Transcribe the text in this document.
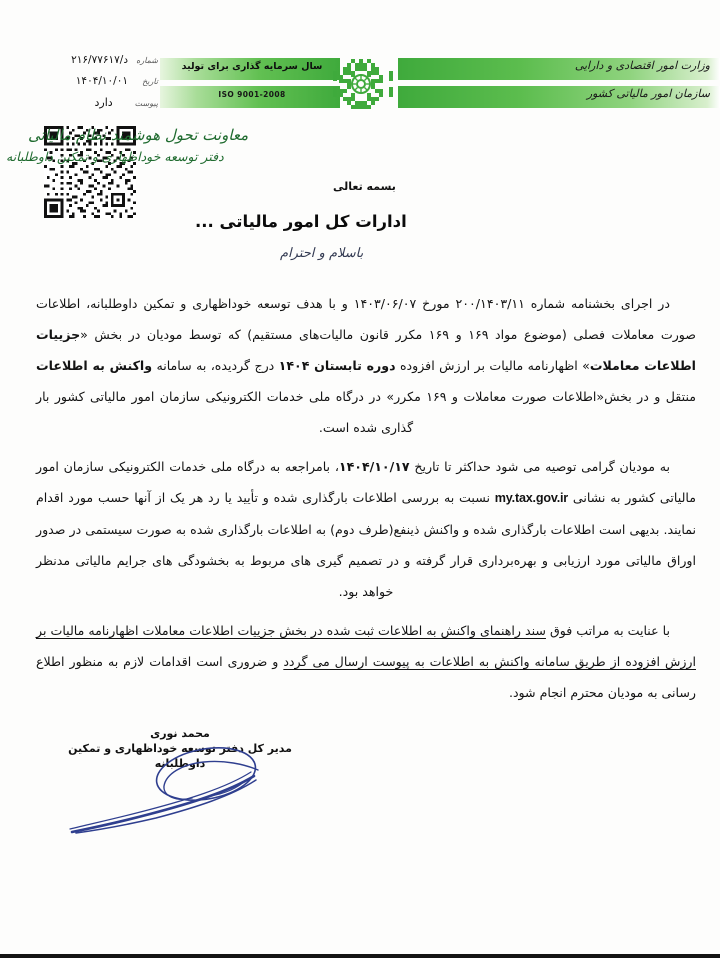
شماره
د/۲۱۶/۷۷۶۱۷
تاریخ
۱۴۰۴/۱۰/۰۱
پیوست
دارد
سال سرمایه گذاری برای تولید
ISO 9001-2008
وزارت امور اقتصادی و دارایی
سازمان امور مالیاتی کشور
معاونت تحول هوشمند نظام مالیاتی
دفتر توسعه خوداظهاری و تمکین داوطلبانه
بسمه تعالی
ادارات کل امور مالیاتی ...
باسلام و احترام

در اجرای بخشنامه شماره ۲۰۰/۱۴۰۳/۱۱ مورخ ۱۴۰۳/۰۶/۰۷ و با هدف توسعه خوداظهاری و تمکین داوطلبانه، اطلاعات صورت معاملات فصلی (موضوع مواد ۱۶۹ و ۱۶۹ مکرر قانون مالیات‌های مستقیم) که توسط مودیان در بخش «جزییات اطلاعات معاملات» اظهارنامه مالیات بر ارزش افزوده دوره تابستان ۱۴۰۴ درج گردیده، به سامانه واکنش به اطلاعات منتقل و در بخش«اطلاعات صورت معاملات و ۱۶۹ مکرر» در درگاه ملی خدمات الکترونیکی سازمان امور مالیاتی کشور بار گذاری شده است.

به مودیان گرامی توصیه می شود حداکثر تا تاریخ ۱۴۰۴/۱۰/۱۷، بامراجعه به درگاه ملی خدمات الکترونیکی سازمان امور مالیاتی کشور به نشانی my.tax.gov.ir نسبت به بررسی اطلاعات بارگذاری شده و تأیید یا رد هر یک از آنها حسب مورد اقدام نمایند. بدیهی است اطلاعات بارگذاری شده و واکنش ذینفع(طرف دوم) به اطلاعات بارگذاری شده به صورت سیستمی در صدور اوراق مالیاتی مورد ارزیابی و بهره‌برداری قرار گرفته و در تصمیم گیری های مربوط به بخشودگی های جرایم مالیاتی مدنظر خواهد بود.

با عنایت به مراتب فوق سند راهنمای واکنش به اطلاعات ثبت شده در بخش جزییات اطلاعات معاملات اظهارنامه مالیات بر ارزش افزوده از طریق سامانه واکنش به اطلاعات به پیوست ارسال می گردد و ضروری است اقدامات لازم به منظور اطلاع رسانی به مودیان محترم انجام شود.

محمد نوری
مدیر کل دفتر توسعه خوداظهاری و تمکین
داوطلبانه
